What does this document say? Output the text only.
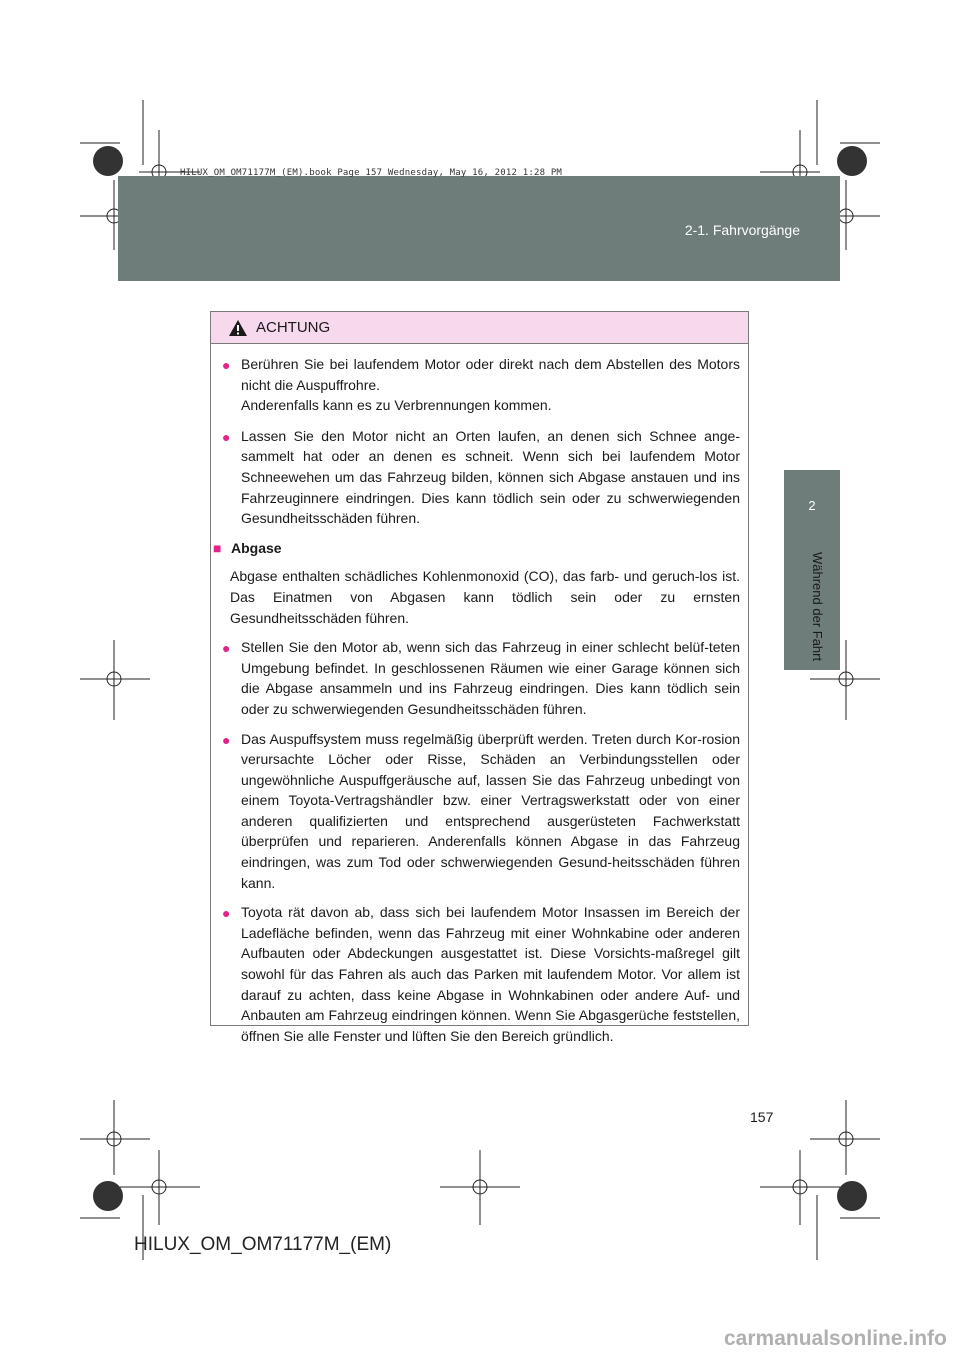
HILUX_OM_OM71177M_(EM).book Page 157 Wednesday, May 16, 2012 1:28 PM
2-1. Fahrvorgänge
2
Während der Fahrt
ACHTUNG
● Berühren Sie bei laufendem Motor oder direkt nach dem Abstellen des Motors nicht die Auspuffrohre.
Anderenfalls kann es zu Verbrennungen kommen.
● Lassen Sie den Motor nicht an Orten laufen, an denen sich Schnee ange-sammelt hat oder an denen es schneit. Wenn sich bei laufendem Motor Schneewehen um das Fahrzeug bilden, können sich Abgase anstauen und ins Fahrzeuginnere eindringen. Dies kann tödlich sein oder zu schwerwiegenden Gesundheitsschäden führen.
■ Abgase
Abgase enthalten schädliches Kohlenmonoxid (CO), das farb- und geruch-los ist. Das Einatmen von Abgasen kann tödlich sein oder zu ernsten Gesundheitsschäden führen.
● Stellen Sie den Motor ab, wenn sich das Fahrzeug in einer schlecht belüf-teten Umgebung befindet. In geschlossenen Räumen wie einer Garage können sich die Abgase ansammeln und ins Fahrzeug eindringen. Dies kann tödlich sein oder zu schwerwiegenden Gesundheitsschäden führen.
● Das Auspuffsystem muss regelmäßig überprüft werden. Treten durch Kor-rosion verursachte Löcher oder Risse, Schäden an Verbindungsstellen oder ungewöhnliche Auspuffgeräusche auf, lassen Sie das Fahrzeug unbedingt von einem Toyota-Vertragshändler bzw. einer Vertragswerkstatt oder von einer anderen qualifizierten und entsprechend ausgerüsteten Fachwerkstatt überprüfen und reparieren. Anderenfalls können Abgase in das Fahrzeug eindringen, was zum Tod oder schwerwiegenden Gesund-heitsschäden führen kann.
● Toyota rät davon ab, dass sich bei laufendem Motor Insassen im Bereich der Ladefläche befinden, wenn das Fahrzeug mit einer Wohnkabine oder anderen Aufbauten oder Abdeckungen ausgestattet ist. Diese Vorsichts-maßregel gilt sowohl für das Fahren als auch das Parken mit laufendem Motor. Vor allem ist darauf zu achten, dass keine Abgase in Wohnkabinen oder andere Auf- und Anbauten am Fahrzeug eindringen können. Wenn Sie Abgasgerüche feststellen, öffnen Sie alle Fenster und lüften Sie den Bereich gründlich.
157
HILUX_OM_OM71177M_(EM)
carmanualsonline.info
